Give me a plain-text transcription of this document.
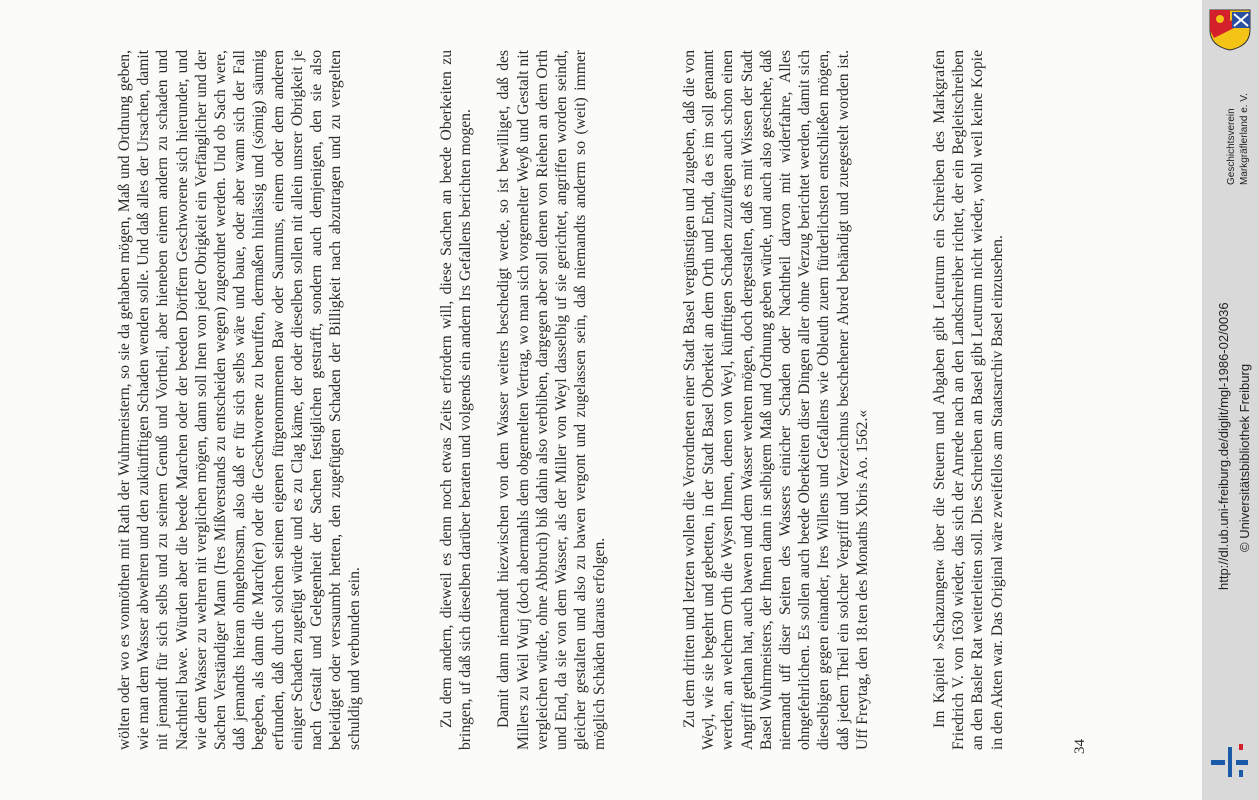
wölten oder wo es vonnöthen mit Rath der Wuhrmeistern, so sie da gehaben mögen, Maß und Ordnung geben, wie man dem Wasser abwehren und den zukünfftigen Schaden wenden solle. Und daß alles der Ursachen, damit nit jemandt für sich selbs und zu seinem Genuß und Vortheil, aber hieneben einem andern zu schaden und Nachtheil bawe. Würden aber die beede Marchen oder der beeden Dörffern Geschworene sich hierunder, und wie dem Wasser zu wehren nit verglichen mögen, dann soll Inen von jeder Obrigkeit ein Verfänglicher und der Sachen Verständiger Mann (Ires Mißverstands zu entscheiden wegen) zugeordnet werden. Und ob Sach were, daß jemandts hieran ohngehorsam, also daß er für sich selbs wäre und baue, oder aber wann sich der Fall begeben, als dann die March(er) oder die Geschworene zu beruffen, dermaßen hinlässig und (sömig) säumig erfunden, daß durch solchen seinen eigenen fürgenommenen Baw oder Saumnus, einem oder dem anderen einiger Schaden zugefügt würde und es zu Clag käme, der oder dieselben sollen nit allein unsrer Obrigkeit je nach Gestalt und Gelegenheit der Sachen festiglichen gestrafft, sondern auch demjenigen, den sie also beleidiget oder versaumbt hetten, den zugefügten Schaden der Billigkeit nach abzutragen und zu vergelten schuldig und verbunden sein.	Zu dem andern, dieweil es denn noch etwas Zeits erfordern will, diese Sachen an beede Oberkeiten zu bringen, uf daß sich dieselben darüber beraten und volgends ein andern Irs Gefallens berichten mogen. Damit dann niemandt hiezwischen von dem Wasser weiters beschedigt werde, so ist bewilliget, daß des Millers zu Weil Wurj (doch abermahls dem obgemelten Vertrag, wo man sich vorgemelter Weyß und Gestalt nit vergleichen würde, ohne Abbruch) biß dahin also verbliben, dargegen aber soll denen von Riehen an dem Orth und End, da sie von dem Wasser, als der Miller von Weyl dasselbig uf sie gerichtet, angriffen worden seindt, gleicher gestalten und also zu bawen vergont und zugelassen sein, daß niemandts anderm so (weit) immer möglich Schäden daraus erfolgen.	Zu dem dritten und letzten wollen die Verordneten einer Stadt Basel vergünstigen und zugeben, daß die von Weyl, wie sie begehrt und gebetten, in der Stadt Basel Oberkeit an dem Orth und Endt, da es im soll genannt werden, an welchem Orth die Wysen Ihnen, denen von Weyl, künfftigen Schaden zuzufügen auch schon einen Angriff gethan hat, auch bawen und dem Wasser wehren mögen, doch dergestalten, daß es mit Wissen der Stadt Basel Wuhrmeisters, der Ihnen dann in selbigem Maß und Ordnung geben würde, und auch also geschehe, daß niemandt uff diser Seiten des Wassers einicher Schaden oder Nachtheil darvon mit widerfahre, Alles ohngefehrlichen. Es sollen auch beede Oberkeiten diser Dingen aller ohne Verzug berichtet werden, damit sich dieselbigen gegen einander, Ires Willens und Gefallens wie Obleuth zuem fürderlichsten entschließen mögen, daß jedem Theil ein solcher Vergriff und Verzeichnus beschehener Abred behändigt und zuegestelt worden ist. Uff Freytag, den 18.ten des Monaths Xbris Ao. 1562.«	Im Kapitel »Schazungen« über die Steuern und Abgaben gibt Leutrum ein Schreiben des Markgrafen Friedrich V. von 1630 wieder, das sich der Anrede nach an den Landschreiber richtet, der ein Begleitschreiben an den Basler Rat weiterleiten soll. Dies Schreiben an Basel gibt Leutrum nicht wieder, wohl weil keine Kopie in den Akten war. Das Original wäre zweifellos am Staatsarchiv Basel einzusehen.	34
http://dl.ub.uni-freiburg.de/diglit/mgl-1986-02/0036 © Universitätsbibliothek Freiburg
Geschichtsverein Markgräflerland e. V.
